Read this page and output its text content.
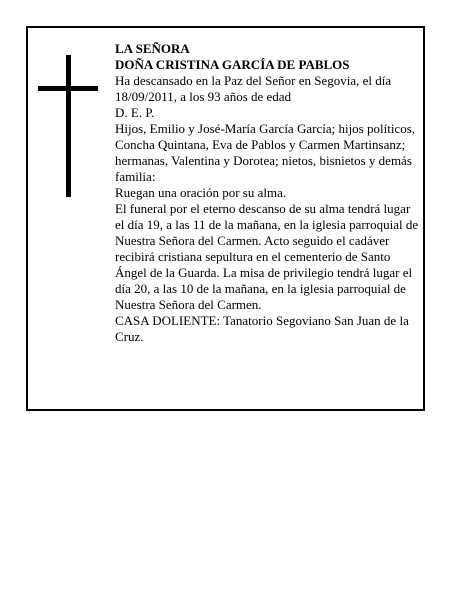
LA SEÑORA

DOÑA CRISTINA GARCÍA DE PABLOS

Ha descansado en la Paz del Señor en Segovia, el día 18/09/2011, a los 93 años de edad

D. E. P.

Hijos, Emilio y José-María García García; hijos políticos, Concha Quintana, Eva de Pablos y Carmen Martinsanz; hermanas, Valentina y Dorotea; nietos, bisnietos y demás familia:

Ruegan una oración por su alma.

El funeral por el eterno descanso de su alma tendrá lugar el día 19, a las 11 de la mañana, en la iglesia parroquial de Nuestra Señora del Carmen. Acto seguido el cadáver recibirá cristiana sepultura en el cementerio de Santo Ángel de la Guarda. La misa de privilegio tendrá lugar el día 20, a las 10 de la mañana, en la iglesia parroquial de Nuestra Señora del Carmen.

CASA DOLIENTE: Tanatorio Segoviano San Juan de la Cruz.
